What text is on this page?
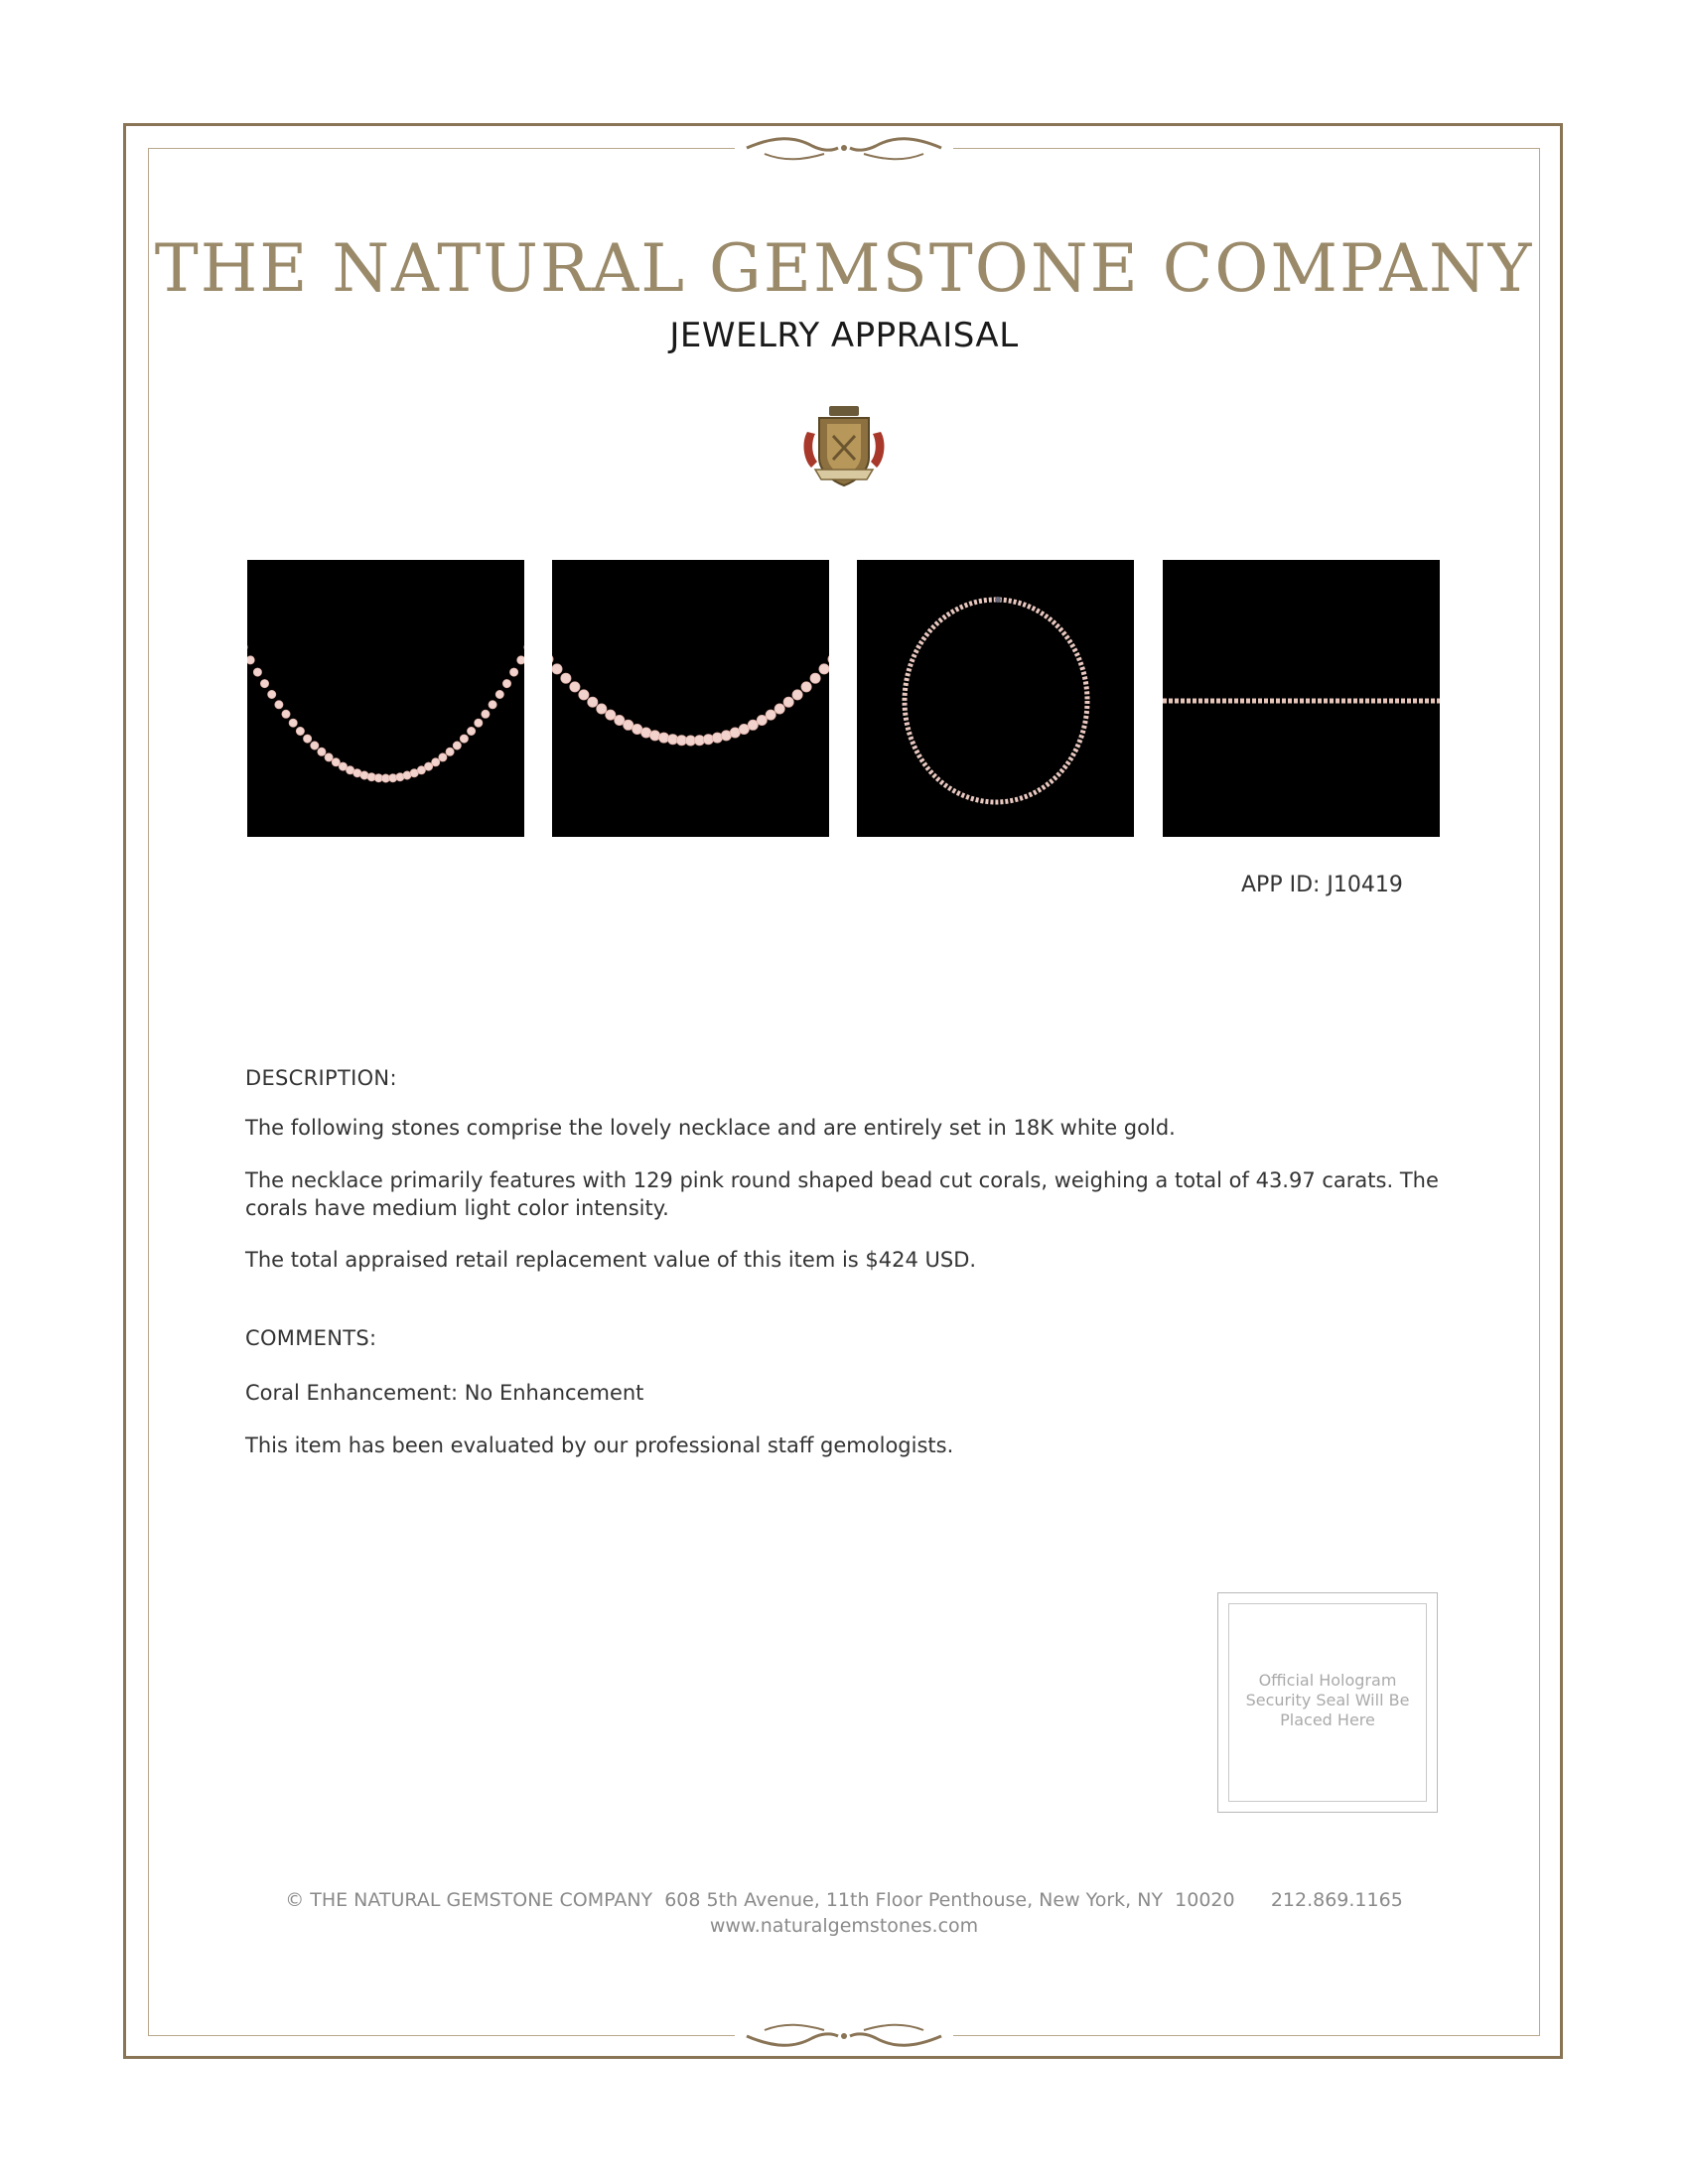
THE NATURAL GEMSTONE COMPANY
JEWELRY APPRAISAL
APP ID: J10419
DESCRIPTION:
The following stones comprise the lovely necklace and are entirely set in 18K white gold.
The necklace primarily features with 129 pink round shaped bead cut corals, weighing a total of 43.97 carats. The corals have medium light color intensity.
The total appraised retail replacement value of this item is $424 USD.
COMMENTS:
Coral Enhancement: No Enhancement
This item has been evaluated by our professional staff gemologists.
Official Hologram Security Seal Will Be Placed Here
© THE NATURAL GEMSTONE COMPANY  608 5th Avenue, 11th Floor Penthouse, New York, NY  10020      212.869.1165
www.naturalgemstones.com
